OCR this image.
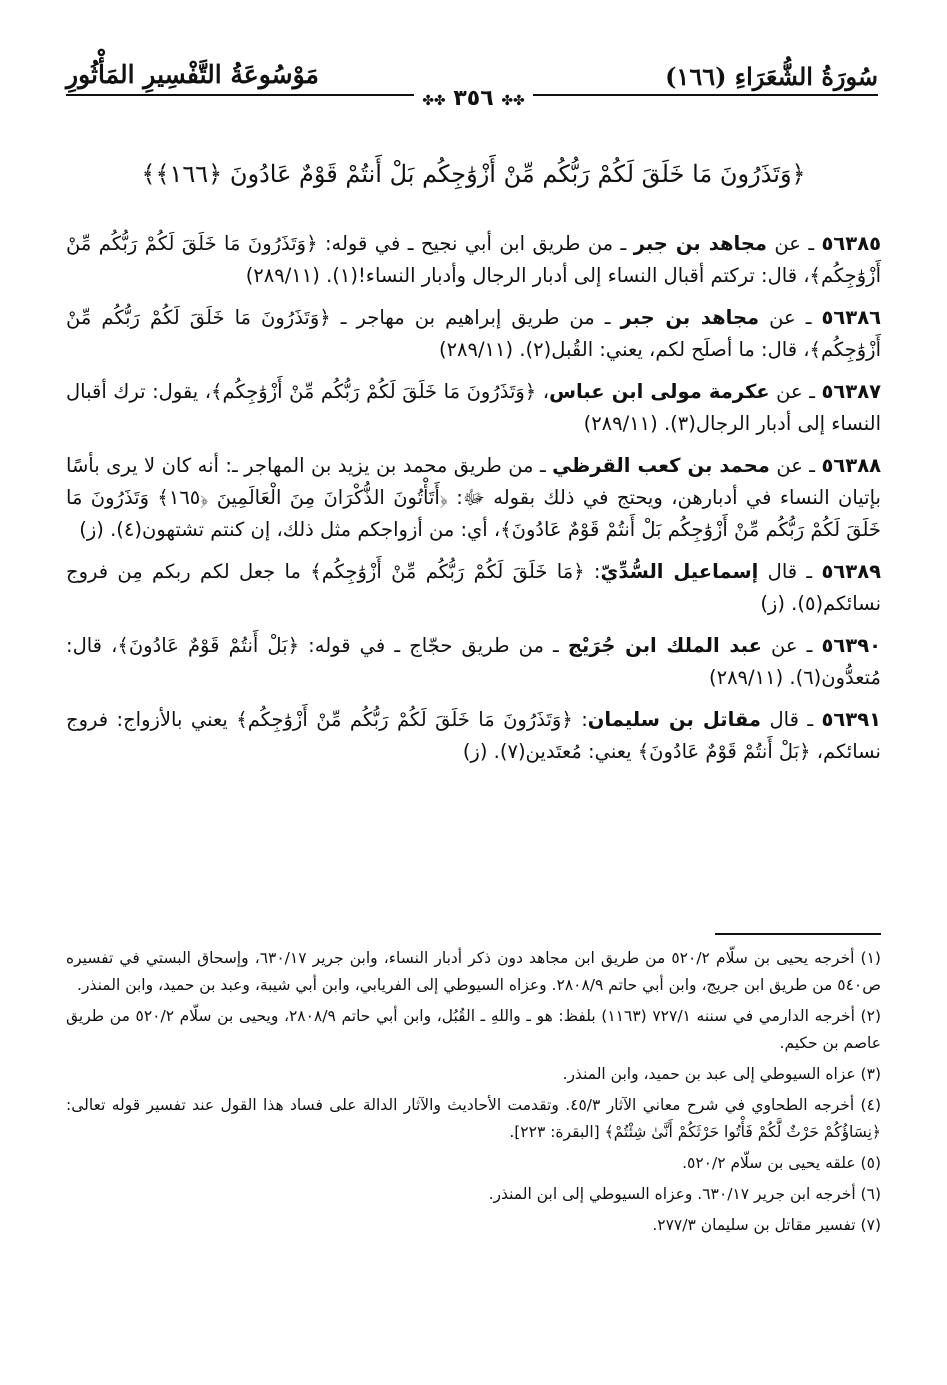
سُورَةُ الشُّعَرَاءِ (١٦٦)
مَوْسُوعَةُ التَّفْسِيرِ المَأْثُورِ
✤✤ ٣٥٦ ✤✤
﴿وَتَذَرُونَ مَا خَلَقَ لَكُمْ رَبُّكُم مِّنْ أَزْوَٰجِكُم بَلْ أَنتُمْ قَوْمٌ عَادُونَ ﴿١٦٦﴾﴾

٥٦٣٨٥ ـ عن مجاهد بن جبر ـ من طريق ابن أبي نجيح ـ في قوله: ﴿وَتَذَرُونَ مَا خَلَقَ لَكُمْ رَبُّكُم مِّنْ أَزْوَٰجِكُم﴾، قال: تركتم أقبال النساء إلى أدبار الرجال وأدبار النساء!(١). (٢٨٩/١١)

٥٦٣٨٦ ـ عن مجاهد بن جبر ـ من طريق إبراهيم بن مهاجر ـ ﴿وَتَذَرُونَ مَا خَلَقَ لَكُمْ رَبُّكُم مِّنْ أَزْوَٰجِكُم﴾، قال: ما أصلَح لكم، يعني: القُبل(٢). (٢٨٩/١١)

٥٦٣٨٧ ـ عن عكرمة مولى ابن عباس، ﴿وَتَذَرُونَ مَا خَلَقَ لَكُمْ رَبُّكُم مِّنْ أَزْوَٰجِكُم﴾، يقول: ترك أقبال النساء إلى أدبار الرجال(٣). (٢٨٩/١١)

٥٦٣٨٨ ـ عن محمد بن كعب القرظي ـ من طريق محمد بن يزيد بن المهاجر ـ: أنه كان لا يرى بأسًا بإتيان النساء في أدبارهن، ويحتج في ذلك بقوله ﷻ: ﴿أَتَأْتُونَ الذُّكْرَانَ مِنَ الْعَالَمِينَ ﴿١٦٥﴾ وَتَذَرُونَ مَا خَلَقَ لَكُمْ رَبُّكُم مِّنْ أَزْوَٰجِكُم بَلْ أَنتُمْ قَوْمٌ عَادُونَ﴾، أي: من أزواجكم مثل ذلك، إن كنتم تشتهون(٤). (ز)

٥٦٣٨٩ ـ قال إسماعيل السُّدِّيّ: ﴿مَا خَلَقَ لَكُمْ رَبُّكُم مِّنْ أَزْوَٰجِكُم﴾ ما جعل لكم ربكم مِن فروج نسائكم(٥). (ز)

٥٦٣٩٠ ـ عن عبد الملك ابن جُرَيْج ـ من طريق حجّاج ـ في قوله: ﴿بَلْ أَنتُمْ قَوْمٌ عَادُونَ﴾، قال: مُتعدُّون(٦). (٢٨٩/١١)

٥٦٣٩١ ـ قال مقاتل بن سليمان: ﴿وَتَذَرُونَ مَا خَلَقَ لَكُمْ رَبُّكُم مِّنْ أَزْوَٰجِكُم﴾ يعني بالأزواج: فروج نسائكم، ﴿بَلْ أَنتُمْ قَوْمٌ عَادُونَ﴾ يعني: مُعتَدين(٧). (ز)

(١) أخرجه يحيى بن سلّام ٥٢٠/٢ من طريق ابن مجاهد دون ذكر أدبار النساء، وابن جرير ٦٣٠/١٧، وإسحاق البستي في تفسيره ص٥٤٠ من طريق ابن جريج، وابن أبي حاتم ٢٨٠٨/٩. وعزاه السيوطي إلى الفريابي، وابن أبي شيبة، وعبد بن حميد، وابن المنذر.

(٢) أخرجه الدارمي في سننه ٧٢٧/١ (١١٦٣) بلفظ: هو ـ واللهِ ـ القُبُل، وابن أبي حاتم ٢٨٠٨/٩، ويحيى بن سلّام ٥٢٠/٢ من طريق عاصم بن حكيم.

(٣) عزاه السيوطي إلى عبد بن حميد، وابن المنذر.

(٤) أخرجه الطحاوي في شرح معاني الآثار ٤٥/٣. وتقدمت الأحاديث والآثار الدالة على فساد هذا القول عند تفسير قوله تعالى: ﴿نِسَاؤُكُمْ حَرْثٌ لَّكُمْ فَأْتُوا حَرْثَكُمْ أَنَّىٰ شِئْتُمْ﴾ [البقرة: ٢٢٣].

(٥) علقه يحيى بن سلّام ٥٢٠/٢.

(٦) أخرجه ابن جرير ٦٣٠/١٧. وعزاه السيوطي إلى ابن المنذر.

(٧) تفسير مقاتل بن سليمان ٢٧٧/٣.
